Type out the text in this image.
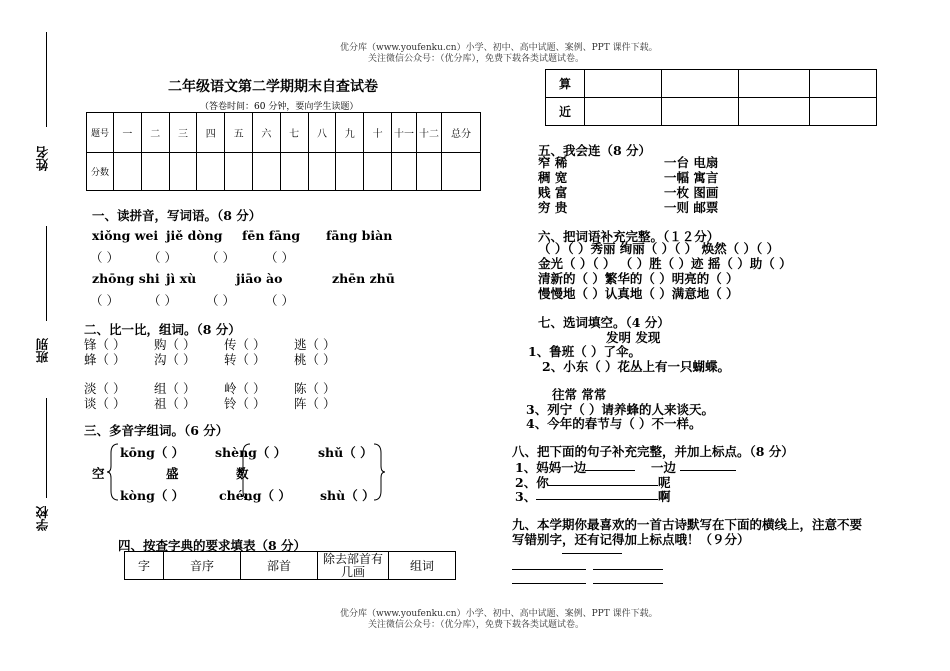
优分库（www.youfenku.cn）小学、初中、高中试题、案例、PPT 课件下载。
关注微信公众号：（优分库），免费下载各类试题试卷。
姓名
班别
学校
二年级语文第二学期期末自查试卷
（答卷时间：60 分钟，要向学生读题）
题号	一	二	三	四	五	六	七	八	九	十	十一	十二	总分
分数													
一、读拼音，写词语。（8 分）
xiǒng wei jiě dòng fēn fāng fāng biàn
（ ） （ ） （ ） （ ）
zhōng shi jì xù	jiāo ào	zhēn zhū
（ ） （ ） （ ） （ ）
二、比一比，组词。（8 分）
锋（ ） 购（ ） 传（ ） 逃（ ）
蜂（ ） 沟（ ） 转（ ） 桃（ ）
淡（ ） 组（ ） 岭（ ） 陈（ ）
谈（ ） 祖（ ） 铃（ ） 阵（ ）
三、多音字组词。（6 分）
kōng（ ）
空
kòng（ ）
shèng（ ）
盛
chéng（ ）
shǔ（ ）
数
shù（ ）
四、按查字典的要求填表（8 分）
字	音序	部首	除去部首有几画	组词
算				
近				
五、我会连（8 分）
窄 稀
稠 宽
贱 富
穷 贵
一台 电扇
一幅 寓言
一枚 图画
一则 邮票
六、把词语补充完整。（１２分）
（ ）（ ）秀丽 绚丽（ ）（ ） 焕然（ ）（ ）
金光（ ）（ ） （ ）胜（ ）迹 摇（ ）助（ ）
清新的（ ）繁华的（ ）明亮的（ ）
慢慢地（ ）认真地（ ）满意地（ ）
七、选词填空。（4 分）
发明 发现
1、鲁班（ ）了伞。
2、小东（ ）花丛上有一只蝴蝶。
往常 常常
3、列宁（ ）请养蜂的人来谈天。
4、今年的春节与（ ）不一样。
八、把下面的句子补充完整，并加上标点。（8 分）
1、妈妈一边	一边
2、你	呢
3、	啊
九、本学期你最喜欢的一首古诗默写在下面的横线上，注意不要
写错别字，还有记得加上标点哦！（９分）
优分库（www.youfenku.cn）小学、初中、高中试题、案例、PPT 课件下载。
关注微信公众号：（优分库），免费下载各类试题试卷。
